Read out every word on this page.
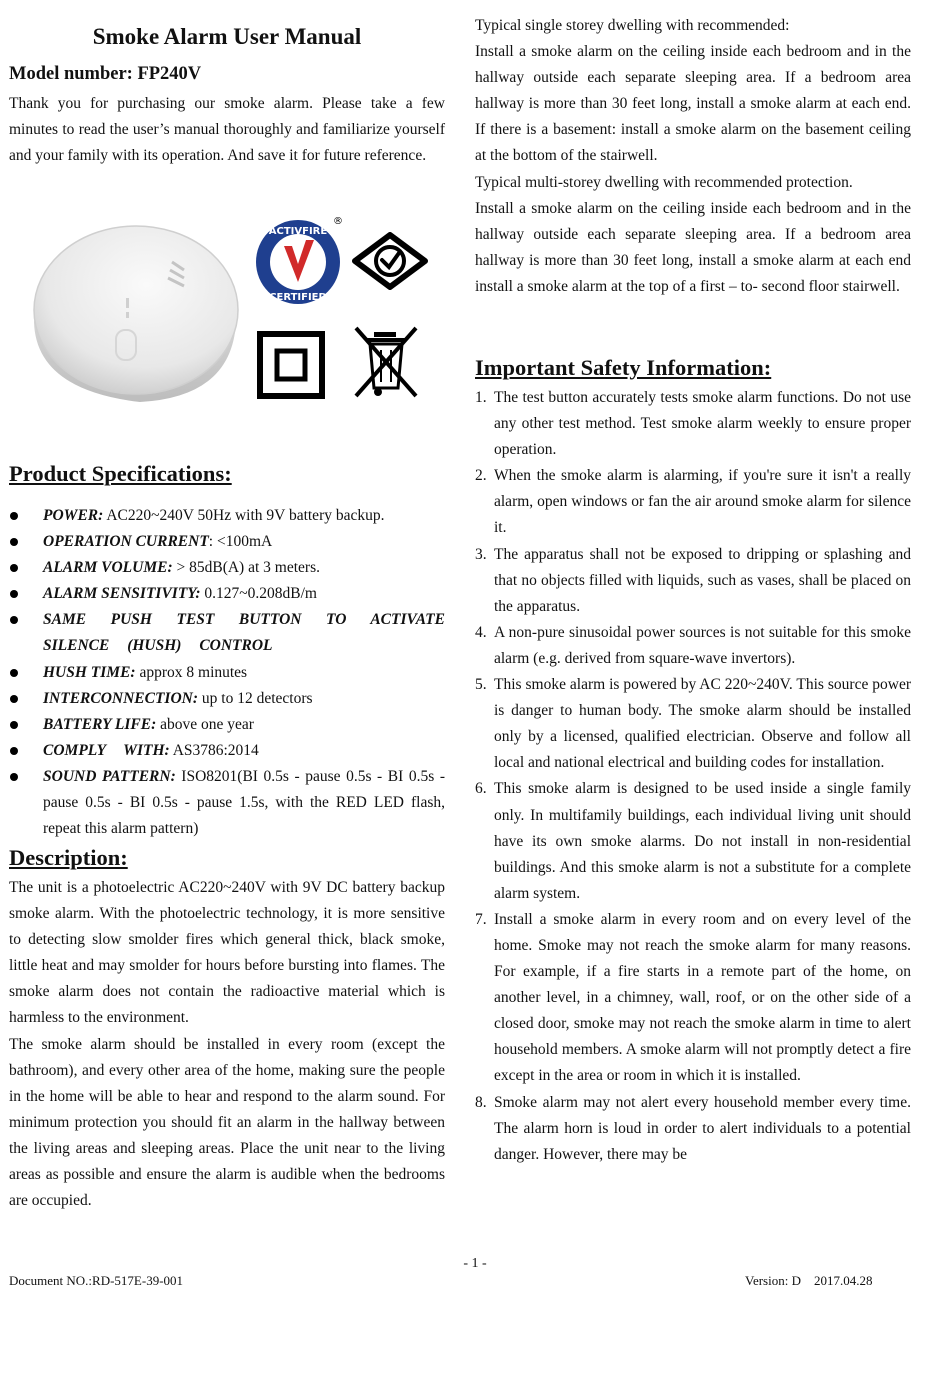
Smoke Alarm User Manual
Model number: FP240V

Thank you for purchasing our smoke alarm. Please take a few minutes to read the user’s manual thoroughly and familiarize yourself and your family with its operation. And save it for future reference.

ACTIVFIRE
CERTIFIED
®
Product Specifications:
POWER: AC220~240V 50Hz with 9V battery backup.
OPERATION CURRENT: <100mA
ALARM VOLUME: > 85dB(A) at 3 meters.
ALARM SENSITIVITY: 0.127~0.208dB/m
SAME PUSH TEST BUTTON TO ACTIVATE SILENCE (HUSH) CONTROL
HUSH TIME: approx 8 minutes
INTERCONNECTION: up to 12 detectors
BATTERY LIFE: above one year
COMPLY WITH: AS3786:2014
SOUND PATTERN: ISO8201(BI 0.5s - pause 0.5s - BI 0.5s - pause 0.5s - BI 0.5s - pause 1.5s, with the RED LED flash, repeat this alarm pattern)
Description:

The unit is a photoelectric AC220~240V with 9V DC battery backup smoke alarm. With the photoelectric technology, it is more sensitive to detecting slow smolder fires which general thick, black smoke, little heat and may smolder for hours before bursting into flames. The smoke alarm does not contain the radioactive material which is harmless to the environment.

The smoke alarm should be installed in every room (except the bathroom), and every other area of the home, making sure the people in the home will be able to hear and respond to the alarm sound. For minimum protection you should fit an alarm in the hallway between the living areas and sleeping areas. Place the unit near to the living areas as possible and ensure the alarm is audible when the bedrooms are occupied.

Typical single storey dwelling with recommended:

Install a smoke alarm on the ceiling inside each bedroom and in the hallway outside each separate sleeping area. If a bedroom area hallway is more than 30 feet long, install a smoke alarm at each end. If there is a basement: install a smoke alarm on the basement ceiling at the bottom of the stairwell.

Typical multi-storey dwelling with recommended protection.

Install a smoke alarm on the ceiling inside each bedroom and in the hallway outside each separate sleeping area. If a bedroom area hallway is more than 30 feet long, install a smoke alarm at each end install a smoke alarm at the top of a first – to- second floor stairwell.

Important Safety Information:
1. The test button accurately tests smoke alarm functions. Do not use any other test method. Test smoke alarm weekly to ensure proper operation.
2. When the smoke alarm is alarming, if you're sure it isn't a really alarm, open windows or fan the air around smoke alarm for silence it.
3. The apparatus shall not be exposed to dripping or splashing and that no objects filled with liquids, such as vases, shall be placed on the apparatus.
4. A non-pure sinusoidal power sources is not suitable for this smoke alarm (e.g. derived from square-wave invertors).
5. This smoke alarm is powered by AC 220~240V. This source power is danger to human body. The smoke alarm should be installed only by a licensed, qualified electrician. Observe and follow all local and national electrical and building codes for installation.
6. This smoke alarm is designed to be used inside a single family only. In multifamily buildings, each individual living unit should have its own smoke alarms. Do not install in non-residential buildings. And this smoke alarm is not a substitute for a complete alarm system.
7. Install a smoke alarm in every room and on every level of the home. Smoke may not reach the smoke alarm for many reasons. For example, if a fire starts in a remote part of the home, on another level, in a chimney, wall, roof, or on the other side of a closed door, smoke may not reach the smoke alarm in time to alert household members. A smoke alarm will not promptly detect a fire except in the area or room in which it is installed.
8. Smoke alarm may not alert every household member every time. The alarm horn is loud in order to alert individuals to a potential danger. However, there may be
- 1 -
Document NO.:RD-517E-39-001	Version: D    2017.04.28
